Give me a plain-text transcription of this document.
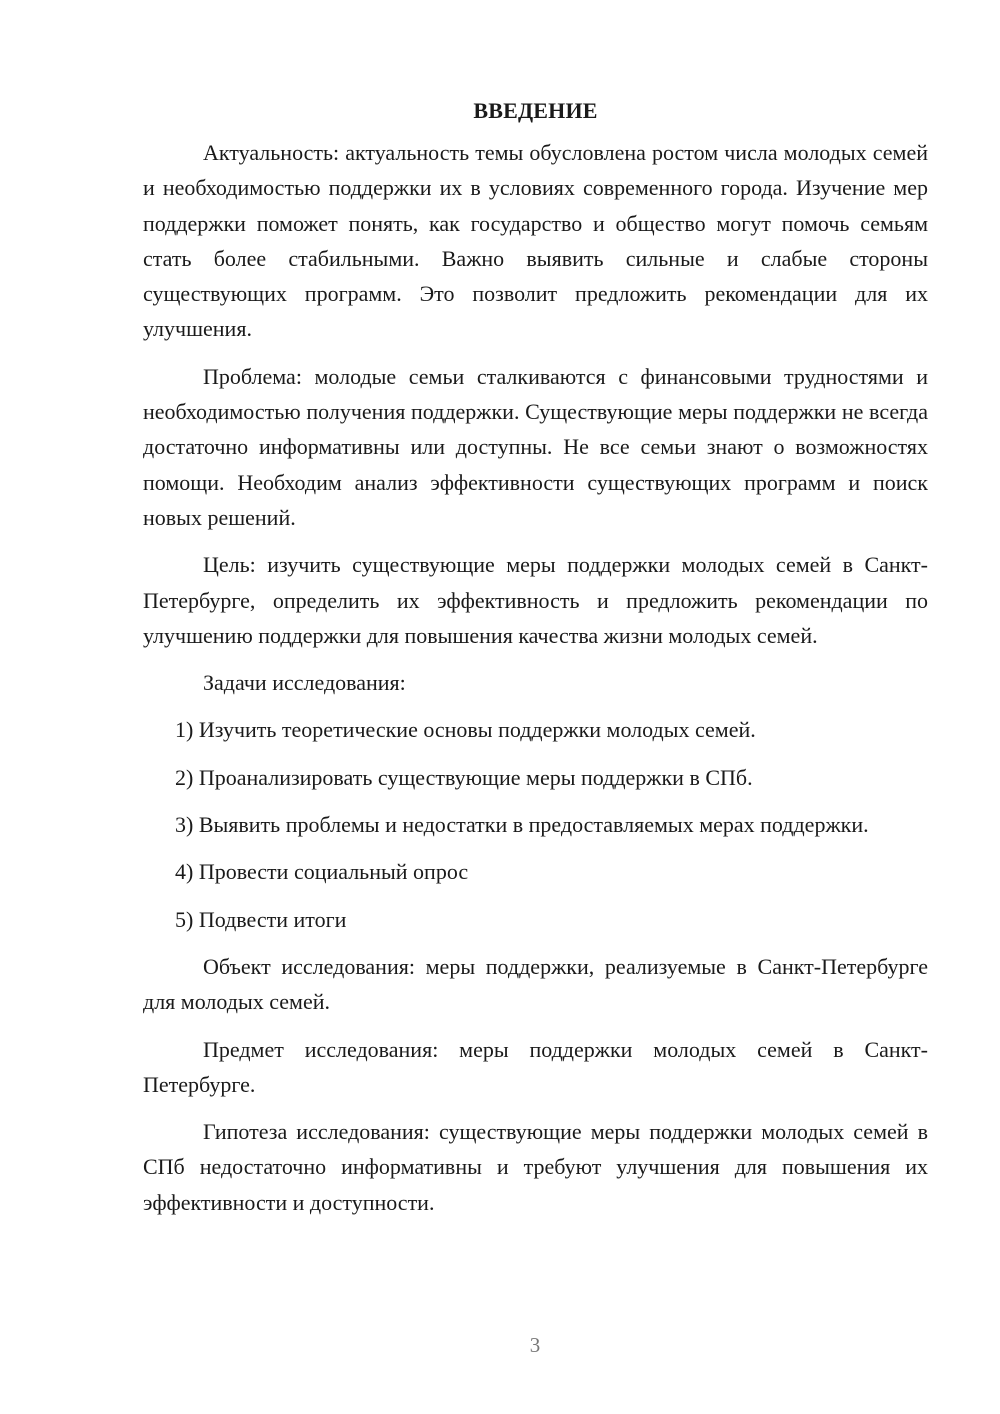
ВВЕДЕНИЕ

Актуальность: актуальность темы обусловлена ростом числа молодых семей и необходимостью поддержки их в условиях современного города. Изучение мер поддержки поможет понять, как государство и общество могут помочь семьям стать более стабильными. Важно выявить сильные и слабые стороны существующих программ. Это позволит предложить рекомендации для их улучшения.

Проблема: молодые семьи сталкиваются с финансовыми трудностями и необходимостью получения поддержки. Существующие меры поддержки не всегда достаточно информативны или доступны. Не все семьи знают о возможностях помощи. Необходим анализ эффективности существующих программ и поиск новых решений.

Цель: изучить существующие меры поддержки молодых семей в Санкт-Петербурге, определить их эффективность и предложить рекомендации по улучшению поддержки для повышения качества жизни молодых семей.

Задачи исследования:

1) Изучить теоретические основы поддержки молодых семей.

2) Проанализировать существующие меры поддержки в СПб.

3) Выявить проблемы и недостатки в предоставляемых мерах поддержки.

4) Провести социальный опрос

5) Подвести итоги

Объект исследования: меры поддержки, реализуемые в Санкт-Петербурге для молодых семей.

Предмет исследования: меры поддержки молодых семей в Санкт-Петербурге.

Гипотеза исследования: существующие меры поддержки молодых семей в СПб недостаточно информативны и требуют улучшения для повышения их эффективности и доступности.

3
